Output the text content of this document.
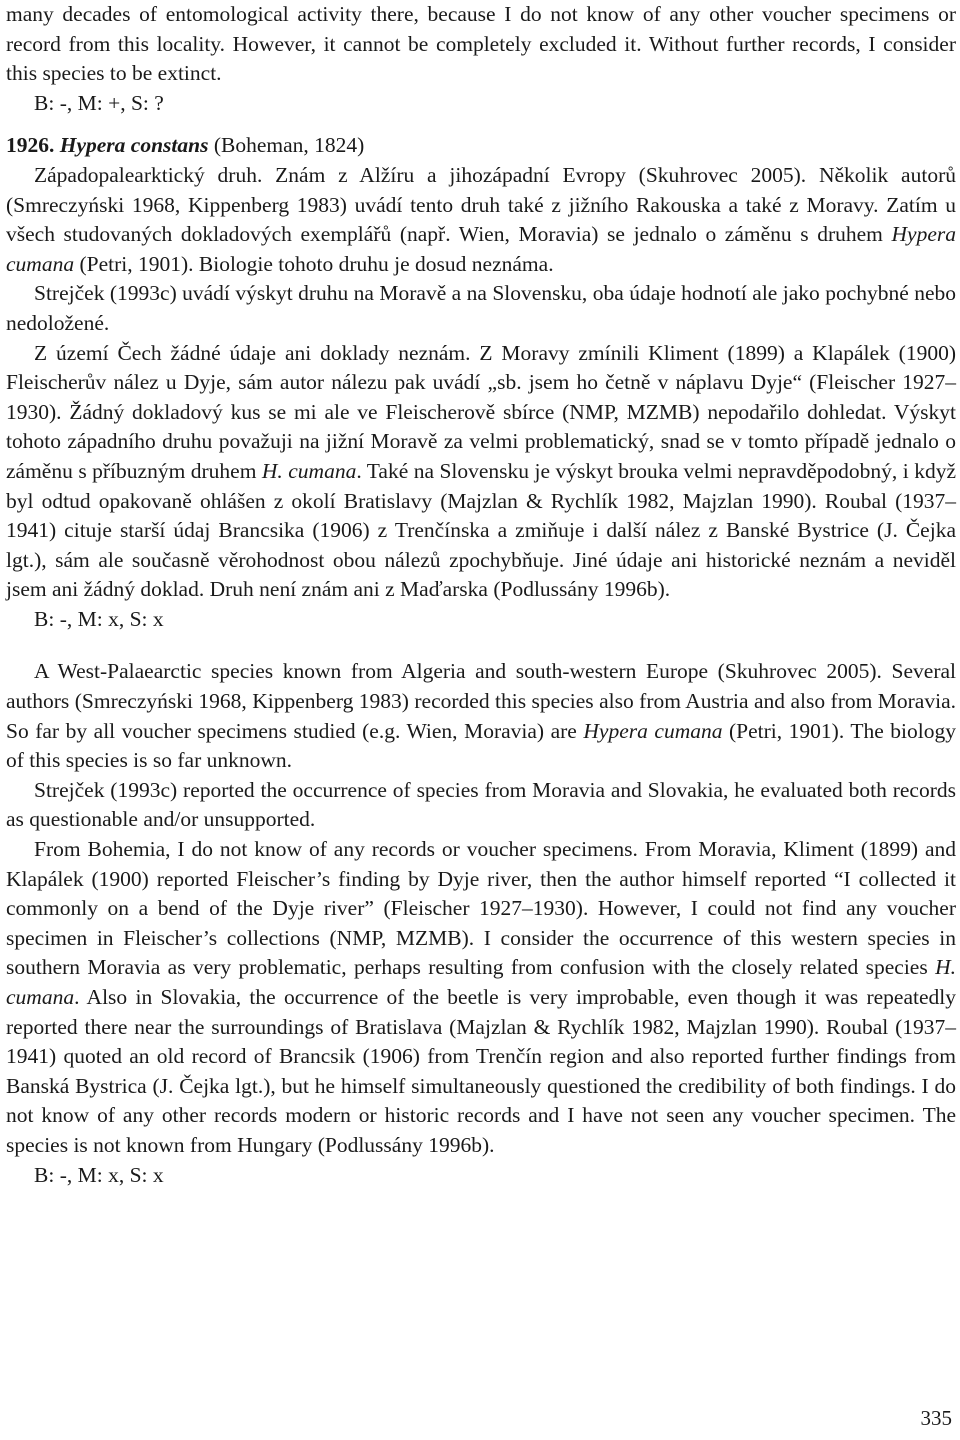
many decades of entomological activity there, because I do not know of any other voucher specimens or record from this locality. However, it cannot be completely excluded it. Without further records, I consider this species to be extinct.

B: -, M: +, S: ?

1926. Hypera constans (Boheman, 1824)

Západopalearktický druh. Znám z Alžíru a jihozápadní Evropy (Skuhrovec 2005). Několik autorů (Smreczyński 1968, Kippenberg 1983) uvádí tento druh také z jižního Rakouska a také z Moravy. Zatím u všech studovaných dokladových exemplářů (např. Wien, Moravia) se jednalo o záměnu s druhem Hypera cumana (Petri, 1901). Biologie tohoto druhu je dosud neznáma.

Strejček (1993c) uvádí výskyt druhu na Moravě a na Slovensku, oba údaje hodnotí ale jako pochybné nebo nedoložené.

Z území Čech žádné údaje ani doklady neznám. Z Moravy zmínili Kliment (1899) a Klapálek (1900) Fleischerův nález u Dyje, sám autor nálezu pak uvádí „sb. jsem ho četně v náplavu Dyje“ (Fleischer 1927–1930). Žádný dokladový kus se mi ale ve Fleischerově sbírce (NMP, MZMB) nepodařilo dohledat. Výskyt tohoto západního druhu považuji na jižní Moravě za velmi problematický, snad se v tomto případě jednalo o záměnu s příbuzným druhem H. cumana. Také na Slovensku je výskyt brouka velmi nepravděpodobný, i když byl odtud opakovaně ohlášen z okolí Bratislavy (Majzlan & Rychlík 1982, Majzlan 1990). Roubal (1937–1941) cituje starší údaj Brancsika (1906) z Trenčínska a zmiňuje i další nález z Banské Bystrice (J. Čejka lgt.), sám ale současně věrohodnost obou nálezů zpochybňuje. Jiné údaje ani historické neznám a neviděl jsem ani žádný doklad. Druh není znám ani z Maďarska (Podlussány 1996b).

B: -, M: x, S: x

A West-Palaearctic species known from Algeria and south-western Europe (Skuhrovec 2005). Several authors (Smreczyński 1968, Kippenberg 1983) recorded this species also from Austria and also from Moravia. So far by all voucher specimens studied (e.g. Wien, Moravia) are Hypera cumana (Petri, 1901). The biology of this species is so far unknown.

Strejček (1993c) reported the occurrence of species from Moravia and Slovakia, he evaluated both records as questionable and/or unsupported.

From Bohemia, I do not know of any records or voucher specimens. From Moravia, Kliment (1899) and Klapálek (1900) reported Fleischer’s finding by Dyje river, then the author himself reported “I collected it commonly on a bend of the Dyje river” (Fleischer 1927–1930). However, I could not find any voucher specimen in Fleischer’s collections (NMP, MZMB). I consider the occurrence of this western species in southern Moravia as very problematic, perhaps resulting from confusion with the closely related species H. cumana. Also in Slovakia, the occurrence of the beetle is very improbable, even though it was repeatedly reported there near the surroundings of Bratislava (Majzlan & Rychlík 1982, Majzlan 1990). Roubal (1937–1941) quoted an old record of Brancsik (1906) from Trenčín region and also reported further findings from Banská Bystrica (J. Čejka lgt.), but he himself simultaneously questioned the credibility of both findings. I do not know of any other records modern or historic records and I have not seen any voucher specimen. The species is not known from Hungary (Podlussány 1996b).

B: -, M: x, S: x

335
